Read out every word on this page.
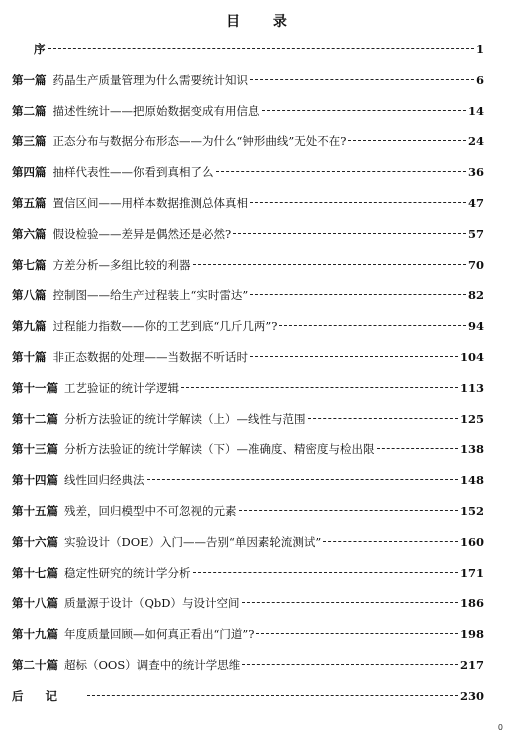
目 录
序	1
第一篇 药晶生产质量管理为什么需要统计知识	6
第二篇 描述性统计——把原始数据变成有用信息	14
第三篇 正态分布与数据分布形态——为什么“钟形曲线”无处不在?	24
第四篇 抽样代表性——你看到真相了么	36
第五篇 置信区间——用样本数据推测总体真相	47
第六篇 假设检验——差异是偶然还是必然?	57
第七篇 方差分析—多组比较的利器	70
第八篇 控制图——给生产过程装上“实时雷达”	82
第九篇 过程能力指数——你的工艺到底“几斤几两”?	94
第十篇 非正态数据的处理——当数据不听话时	104
第十一篇 工艺验证的统计学逻辑	113
第十二篇 分析方法验证的统计学解读（上）—线性与范围	125
第十三篇 分析方法验证的统计学解读（下）—准确度、精密度与检出限	138
第十四篇 线性回归经典法	148
第十五篇 残差，回归模型中不可忽视的元素	152
第十六篇 实验设计（DOE）入门——告别“单因素轮流测试”	160
第十七篇 稳定性研究的统计学分析	171
第十八篇 质量源于设计（QbD）与设计空间	186
第十九篇 年度质量回顾—如何真正看出“门道”?	198
第二十篇 超标（OOS）调查中的统计学思维	217
后记	230
0
